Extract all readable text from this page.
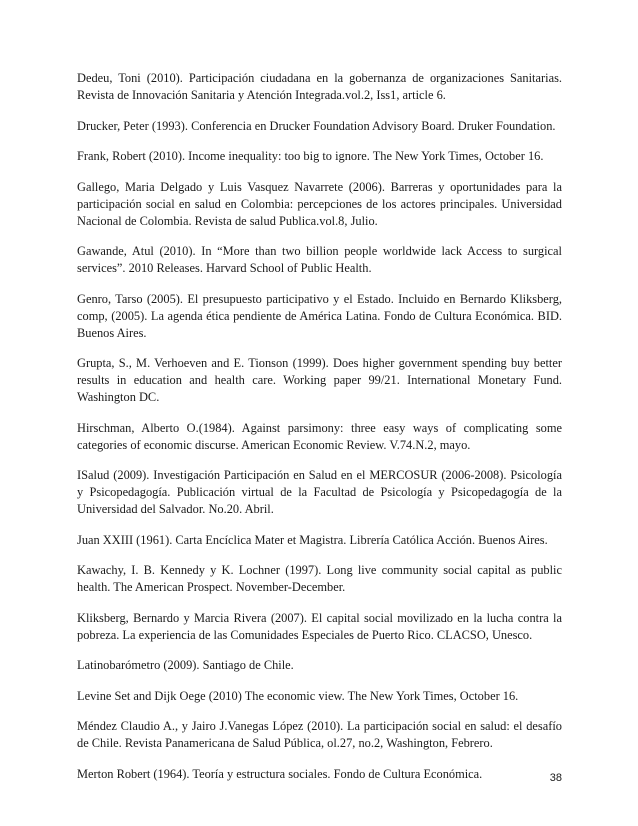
Dedeu, Toni (2010). Participación ciudadana en la gobernanza de organizaciones Sanitarias. Revista de Innovación Sanitaria y Atención Integrada.vol.2, Iss1, article 6.

Drucker, Peter (1993). Conferencia en Drucker Foundation Advisory Board. Druker Foundation.

Frank, Robert (2010). Income inequality: too big to ignore. The New York Times, October 16.

Gallego, Maria Delgado y Luis Vasquez Navarrete (2006). Barreras y oportunidades para la participación social en salud en Colombia: percepciones de los actores principales. Universidad Nacional de Colombia. Revista de salud Publica.vol.8, Julio.

Gawande, Atul (2010). In “More than two billion people worldwide lack Access to surgical services”. 2010 Releases. Harvard School of Public Health.

Genro, Tarso (2005). El presupuesto participativo y el Estado. Incluido en Bernardo Kliksberg, comp, (2005). La agenda ética pendiente de América Latina. Fondo de Cultura Económica. BID. Buenos Aires.

Grupta, S., M. Verhoeven and E. Tionson (1999). Does higher government spending buy better results in education and health care. Working paper 99/21. International Monetary Fund. Washington DC.

Hirschman, Alberto O.(1984). Against parsimony: three easy ways of complicating some categories of economic discurse. American Economic Review. V.74.N.2, mayo.

ISalud (2009). Investigación Participación en Salud en el MERCOSUR (2006-2008). Psicología y Psicopedagogía. Publicación virtual de la Facultad de Psicología y Psicopedagogía de la Universidad del Salvador. No.20. Abril.

Juan XXIII (1961). Carta Encíclica Mater et Magistra. Librería Católica Acción. Buenos Aires.

Kawachy, I. B. Kennedy y K. Lochner (1997). Long live community social capital as public health. The American Prospect. November-December.

Kliksberg, Bernardo y Marcia Rivera (2007). El capital social movilizado en la lucha contra la pobreza. La experiencia de las Comunidades Especiales de Puerto Rico. CLACSO, Unesco.

Latinobarómetro (2009). Santiago de Chile.

Levine Set and Dijk Oege (2010) The economic view. The New York Times, October 16.

Méndez Claudio A., y Jairo J.Vanegas López (2010). La participación social en salud: el desafío de Chile. Revista Panamericana de Salud Pública, ol.27, no.2, Washington, Febrero.

Merton Robert (1964). Teoría y estructura sociales. Fondo de Cultura Económica.	38
